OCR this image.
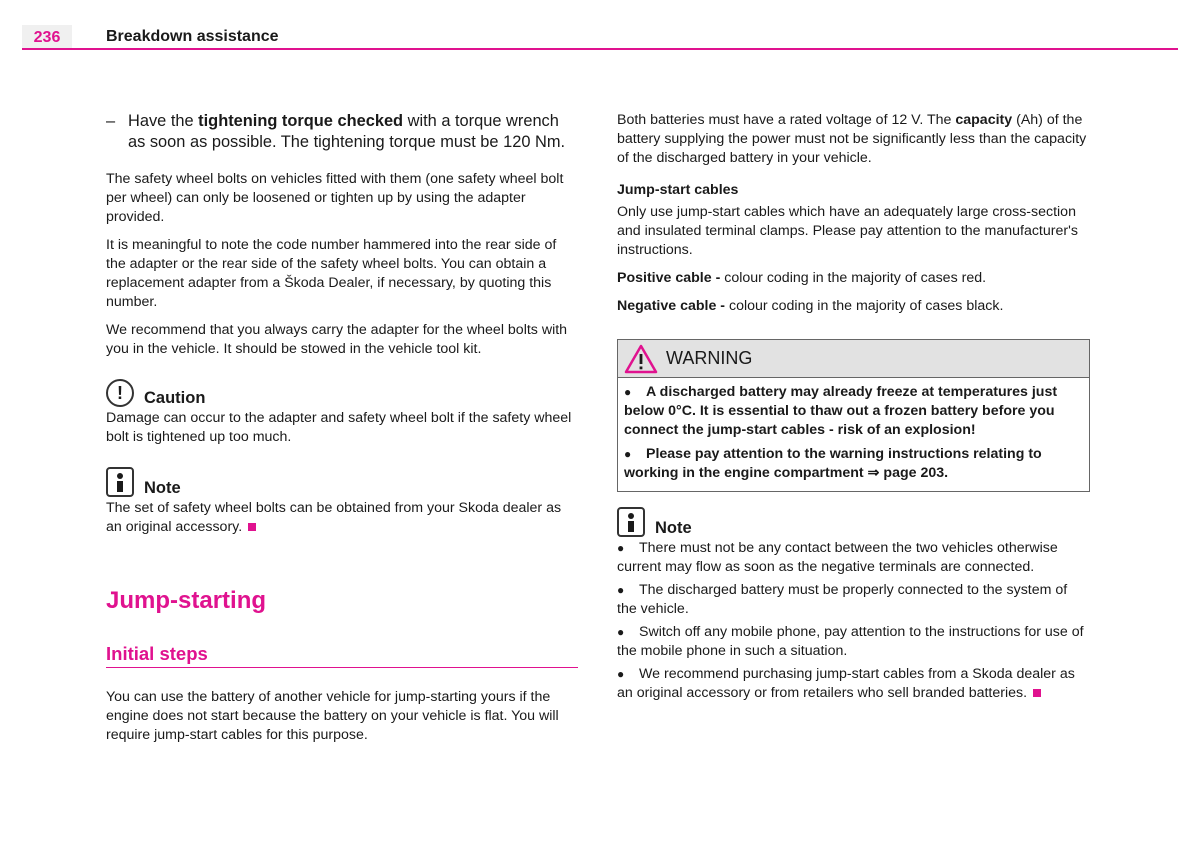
236	Breakdown assistance

– Have the tightening torque checked with a torque wrench as soon as possible. The tightening torque must be 120 Nm.

The safety wheel bolts on vehicles fitted with them (one safety wheel bolt per wheel) can only be loosened or tighten up by using the adapter provided.

It is meaningful to note the code number hammered into the rear side of the adapter or the rear side of the safety wheel bolts. You can obtain a replacement adapter from a Škoda Dealer, if necessary, by quoting this number.

We recommend that you always carry the adapter for the wheel bolts with you in the vehicle. It should be stowed in the vehicle tool kit.

!	Caution

Damage can occur to the adapter and safety wheel bolt if the safety wheel bolt is tightened up too much.

Note

The set of safety wheel bolts can be obtained from your Skoda dealer as an original accessory.

Jump-starting
Initial steps

You can use the battery of another vehicle for jump-starting yours if the engine does not start because the battery on your vehicle is flat. You will require jump-start cables for this purpose.

Both batteries must have a rated voltage of 12 V. The capacity (Ah) of the battery supplying the power must not be significantly less than the capacity of the discharged battery in your vehicle.

Jump-start cables

Only use jump-start cables which have an adequately large cross-section and insulated terminal clamps. Please pay attention to the manufacturer's instructions.

Positive cable - colour coding in the majority of cases red.

Negative cable - colour coding in the majority of cases black.

WARNING

● A discharged battery may already freeze at temperatures just below 0°C. It is essential to thaw out a frozen battery before you connect the jump-start cables - risk of an explosion!

● Please pay attention to the warning instructions relating to working in the engine compartment ⇒ page 203.

Note

● There must not be any contact between the two vehicles otherwise current may flow as soon as the negative terminals are connected.

● The discharged battery must be properly connected to the system of the vehicle.

● Switch off any mobile phone, pay attention to the instructions for use of the mobile phone in such a situation.

● We recommend purchasing jump-start cables from a Skoda dealer as an original accessory or from retailers who sell branded batteries.
